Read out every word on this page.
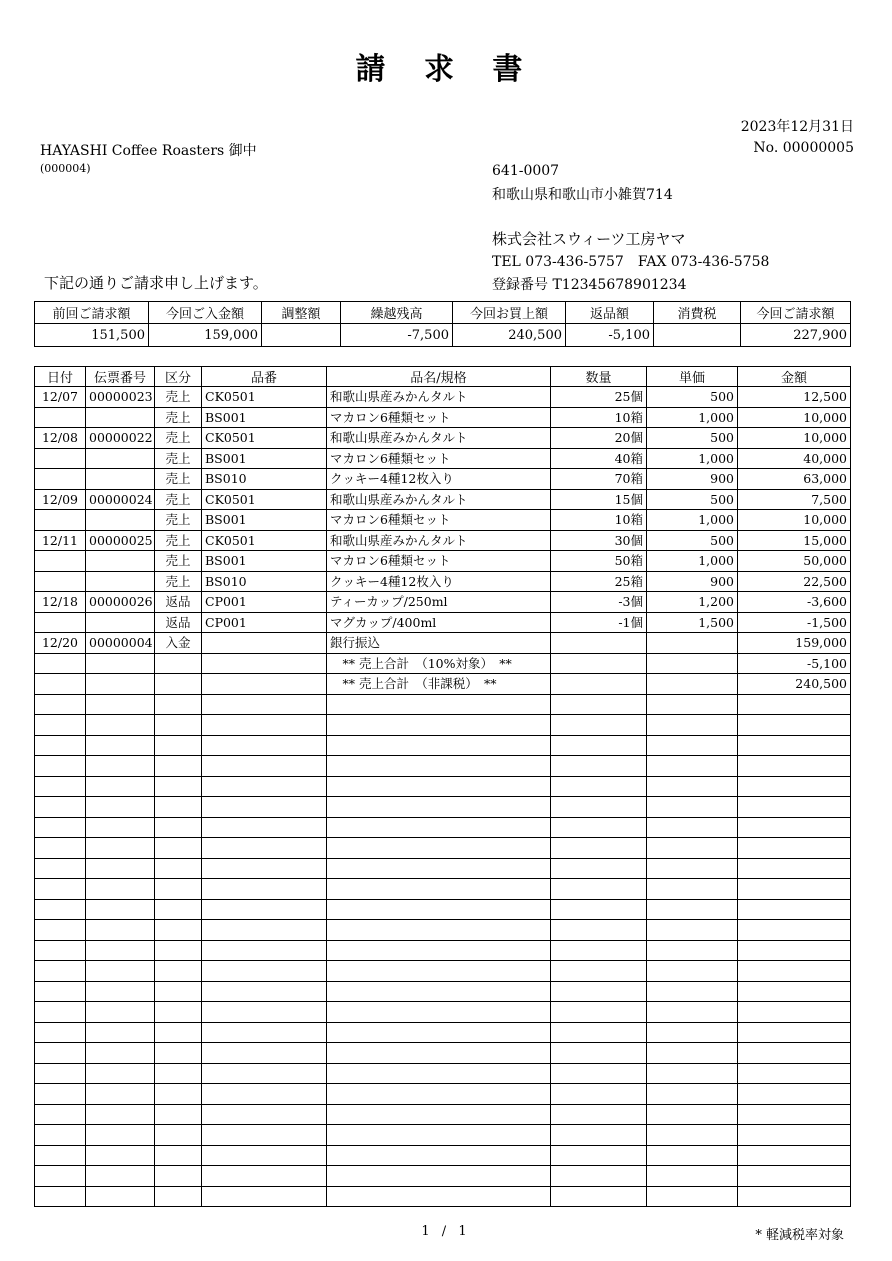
請 求 書
2023年12月31日
No. 00000005
HAYASHI Coffee Roasters 御中
(000004)	641-0007
和歌山県和歌山市小雑賀714
株式会社スウィーツ工房ヤマ
TEL 073-436-5757　FAX 073-436-5758
登録番号 T12345678901234
下記の通りご請求申し上げます。
前回ご請求額	今回ご入金額	調整額	繰越残高	今回お買上額	返品額	消費税	今回ご請求額
151,500	159,000		-7,500	240,500	-5,100		227,900
日付	伝票番号	区分	品番	品名/規格	数量	単価	金額
12/07	00000023	売上	CK0501	和歌山県産みかんタルト	25個	500	12,500
		売上	BS001	マカロン6種類セット	10箱	1,000	10,000
12/08	00000022	売上	CK0501	和歌山県産みかんタルト	20個	500	10,000
		売上	BS001	マカロン6種類セット	40箱	1,000	40,000
		売上	BS010	クッキー4種12枚入り	70箱	900	63,000
12/09	00000024	売上	CK0501	和歌山県産みかんタルト	15個	500	7,500
		売上	BS001	マカロン6種類セット	10箱	1,000	10,000
12/11	00000025	売上	CK0501	和歌山県産みかんタルト	30個	500	15,000
		売上	BS001	マカロン6種類セット	50箱	1,000	50,000
		売上	BS010	クッキー4種12枚入り	25箱	900	22,500
12/18	00000026	返品	CP001	ティーカップ/250ml	-3個	1,200	-3,600
		返品	CP001	マグカップ/400ml	-1個	1,500	-1,500
12/20	00000004	入金		銀行振込			159,000
				　** 売上合計　（10%対象）　**			-5,100
				　** 売上合計　（非課税）　**			240,500

1 / 1	* 軽減税率対象
